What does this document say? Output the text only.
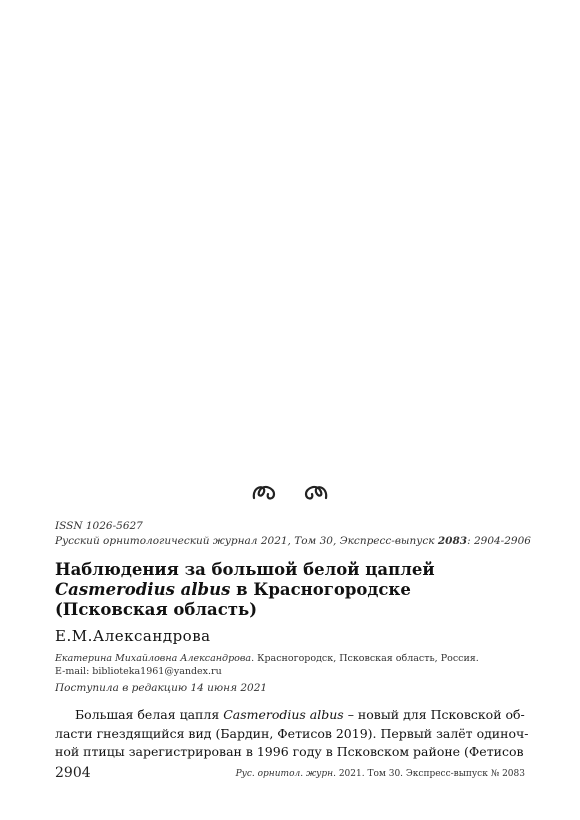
ISSN 1026-5627
Русский орнитологический журнал 2021, Том 30, Экспресс-выпуск 2083: 2904-2906
Наблюдения за большой белой цаплей
Casmerodius albus в Красногородске
(Псковская область)
Е.М.Александрова
Екатерина Михайловна Александрова. Красногородск, Псковская область, Россия.
E-mail: biblioteka1961@yandex.ru
Поступила в редакцию 14 июня 2021
Большая белая цапля Casmerodius albus – новый для Псковской об-
ласти гнездящийся вид (Бардин, Фетисов 2019). Первый залёт одиноч-
ной птицы зарегистрирован в 1996 году в Псковском районе (Фетисов
2904	Рус. орнитол. журн. 2021. Том 30. Экспресс-выпуск № 2083
